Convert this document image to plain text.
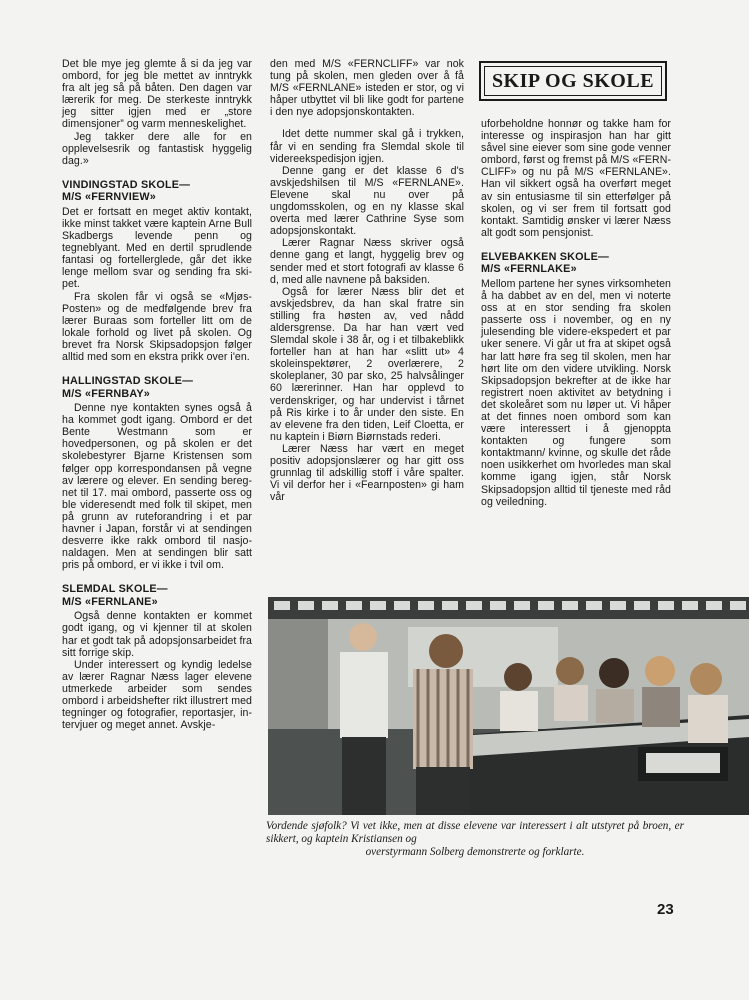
Det ble mye jeg glemte å si da jeg var ombord, for jeg ble mettet av inntrykk fra alt jeg så på båten. Den dagen var lærerik for meg. De sterkeste inntrykk jeg sitter igjen med er „store dimensjoner” og varm menneskelighet.

Jeg takker dere alle for en opplevelsesrik og fantastisk hyggelig dag.»

VINDINGSTAD SKOLE—
M/S «FERNVIEW»

Det er fortsatt en meget aktiv kontakt, ikke minst takket være kaptein Arne Bull Skadbergs levende penn og tegneblyant. Med en dertil sprudlende fantasi og fortellerglede, går det ikke lenge mellom svar og sending fra skipet.

Fra skolen får vi også se «Mjøs-Posten» og de medfølgende brev fra lærer Buraas som forteller litt om de lokale forhold og livet på skolen. Og brevet fra Norsk Skipsadopsjon følger alltid med som en ekstra prikk over i'en.

HALLINGSTAD SKOLE—
M/S «FERNBAY»

Denne nye kontakten synes også å ha kommet godt igang. Ombord er det Bente Westmann som er hovedpersonen, og på skolen er det skolebestyrer Bjarne Kristensen som følger opp korrespondansen på vegne av lærere og elever. En sending beregnet til 17. mai ombord, passerte oss og ble videresendt med folk til skipet, men på grunn av ruteforandring i et par havner i Japan, forstår vi at sendingen desverre ikke rakk ombord til nasjonaldagen. Men at sendingen blir satt pris på ombord, er vi ikke i tvil om.

SLEMDAL SKOLE—
M/S «FERNLANE»

Også denne kontakten er kommet godt igang, og vi kjenner til at skolen har et godt tak på adopsjonsarbeidet fra sitt forrige skip.

Under interessert og kyndig ledelse av lærer Ragnar Næss lager elevene utmerkede arbeider som sendes ombord i arbeidshefter rikt illustrert med tegninger og fotografier, reportasjer, intervjuer og meget annet. Avskje-

den med M/S «FERNCLIFF» var nok tung på skolen, men gleden over å få M/S «FERNLANE» isteden er stor, og vi håper utbyttet vil bli like godt for partene i den nye adopsjonskontakten.

Idet dette nummer skal gå i trykken, får vi en sending fra Slemdal skole til videreekspedisjon igjen.

Denne gang er det klasse 6 d's avskjedshilsen til M/S «FERNLANE». Elevene skal nu over på ungdomsskolen, og en ny klasse skal overta med lærer Cathrine Syse som adopsjonskontakt.

Lærer Ragnar Næss skriver også denne gang et langt, hyggelig brev og sender med et stort fotografi av klasse 6 d, med alle navnene på baksiden.

Også for lærer Næss blir det et avskjedsbrev, da han skal fratre sin stilling fra høsten av, ved nådd aldersgrense. Da har han vært ved Slemdal skole i 38 år, og i et tilbakeblikk forteller han at han har «slitt ut» 4 skoleinspektører, 2 overlærere, 2 skoleplaner, 30 par sko, 25 halvsålinger 60 lærerinner. Han har opplevd to verdenskriger, og har undervist i tårnet på Ris kirke i to år under den siste. En av elevene fra den tiden, Leif Cloetta, er nu kaptein i Biørn Biørnstads rederi.

Lærer Næss har vært en meget positiv adopsjonslærer og har gitt oss grunnlag til adskillig stoff i våre spalter. Vi vil derfor her i «Fearnposten» gi ham vår

SKIP OG SKOLE

uforbeholdne honnør og takke ham for interesse og inspirasjon han har gitt såvel sine eiever som sine gode venner ombord, først og fremst på M/S «FERNCLIFF» og nu på M/S «FERNLANE». Han vil sikkert også ha overført meget av sin entusiasme til sin etterfølger på skolen, og vi ser frem til fortsatt god kontakt. Samtidig ønsker vi lærer Næss alt godt som pensjonist.

ELVEBAKKEN SKOLE—
M/S «FERNLAKE»

Mellom partene her synes virksomheten å ha dabbet av en del, men vi noterte oss at en stor sending fra skolen passerte oss i november, og en ny julesending ble videre-ekspedert et par uker senere. Vi går ut fra at skipet også har latt høre fra seg til skolen, men har hørt lite om den videre utvikling. Norsk Skipsadopsjon bekrefter at de ikke har registrert noen aktivitet av betydning i det skoleåret som nu løper ut. Vi håper at det finnes noen ombord som kan være interessert i å gjenoppta kontakten og fungere som kontaktmann/ kvinne, og skulle det råde noen usikkerhet om hvorledes man skal komme igang igjen, står Norsk Skipsadopsjon alltid til tjeneste med råd og veiledning.

Vordende sjøfolk? Vi vet ikke, men at disse elevene var interessert i alt utstyret på broen, er sikkert, og kaptein Kristiansen og
overstyrmann Solberg demonstrerte og forklarte.
23
